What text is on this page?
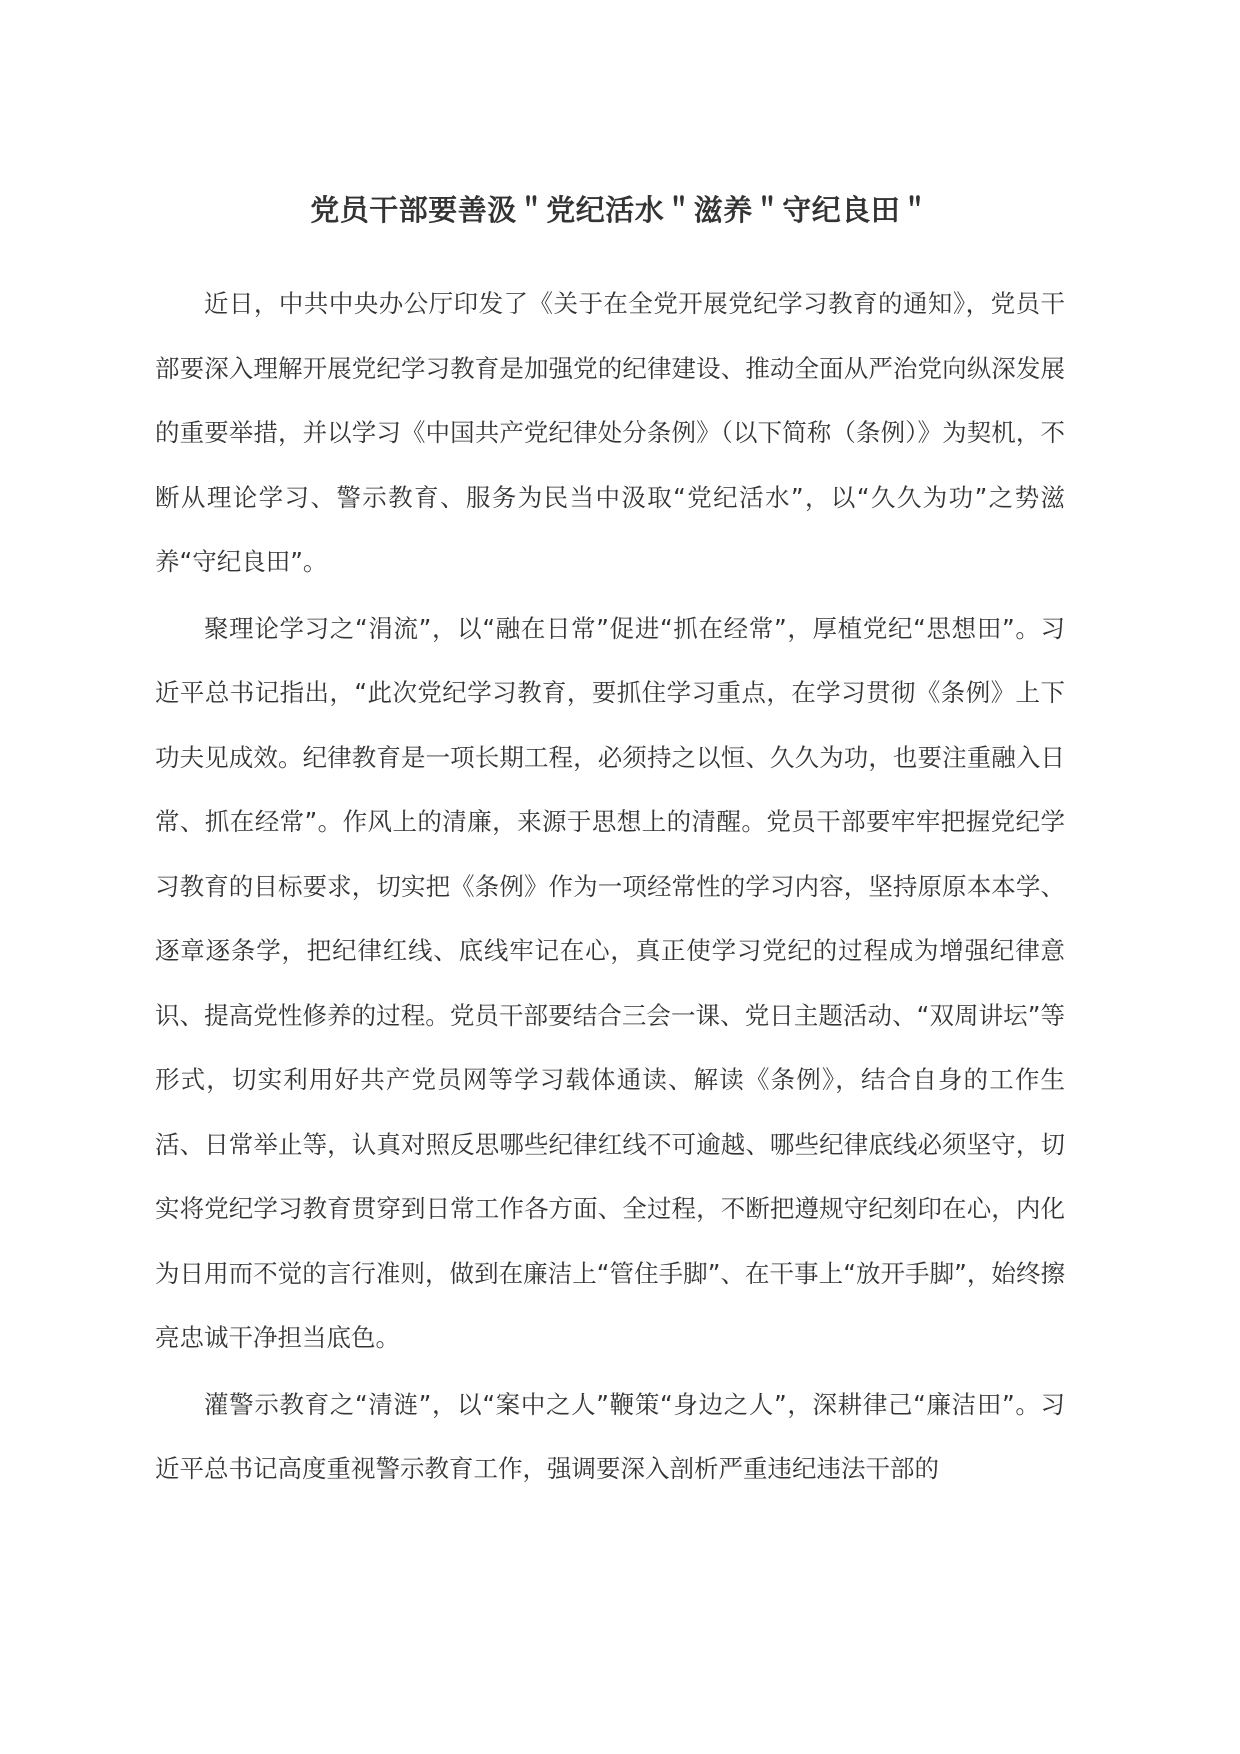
党员干部要善汲＂党纪活水＂滋养＂守纪良田＂

近日，中共中央办公厅印发了《关于在全党开展党纪学习教育的通知》，党员干部要深入理解开展党纪学习教育是加强党的纪律建设、推动全面从严治党向纵深发展的重要举措，并以学习《中国共产党纪律处分条例》（以下简称（条例）》为契机，不断从理论学习、警示教育、服务为民当中汲取“党纪活水”，以“久久为功”之势滋养“守纪良田”。

聚理论学习之“涓流”，以“融在日常”促进“抓在经常”，厚植党纪“思想田”。习近平总书记指出，“此次党纪学习教育，要抓住学习重点，在学习贯彻《条例》上下功夫见成效。纪律教育是一项长期工程，必须持之以恒、久久为功，也要注重融入日常、抓在经常”。作风上的清廉，来源于思想上的清醒。党员干部要牢牢把握党纪学习教育的目标要求，切实把《条例》作为一项经常性的学习内容，坚持原原本本学、逐章逐条学，把纪律红线、底线牢记在心，真正使学习党纪的过程成为增强纪律意识、提高党性修养的过程。党员干部要结合三会一课、党日主题活动、“双周讲坛”等形式，切实利用好共产党员网等学习载体通读、解读《条例》，结合自身的工作生活、日常举止等，认真对照反思哪些纪律红线不可逾越、哪些纪律底线必须坚守，切实将党纪学习教育贯穿到日常工作各方面、全过程，不断把遵规守纪刻印在心，内化为日用而不觉的言行准则，做到在廉洁上“管住手脚”、在干事上“放开手脚”，始终擦亮忠诚干净担当底色。

灌警示教育之“清涟”，以“案中之人”鞭策“身边之人”，深耕律己“廉洁田”。习近平总书记高度重视警示教育工作，强调要深入剖析严重违纪违法干部的
